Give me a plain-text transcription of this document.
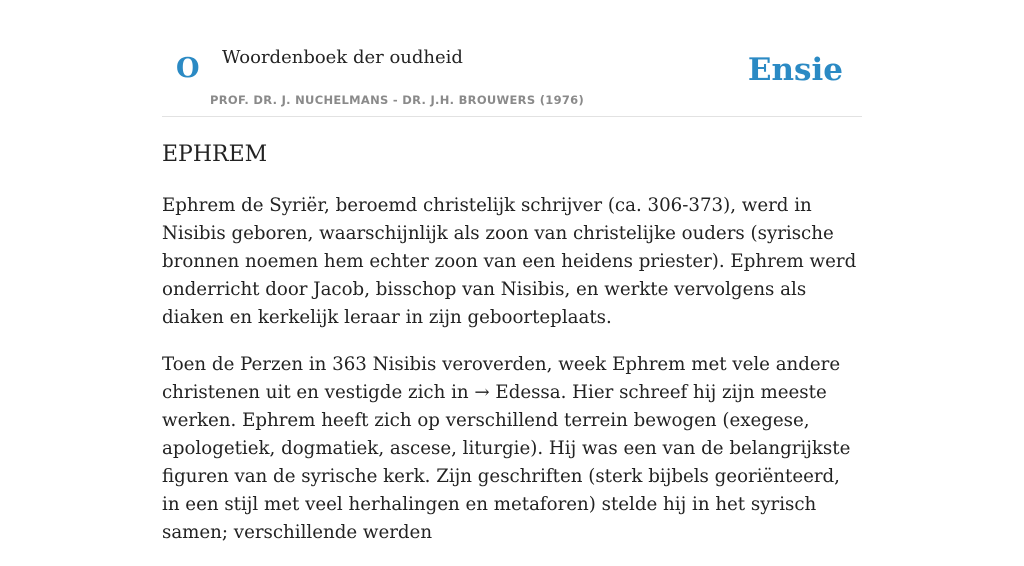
O Woordenboek der oudheid
PROF. DR. J. NUCHELMANS - DR. J.H. BROUWERS (1976)
Ensie
EPHREM

Ephrem de Syriër, beroemd christelijk schrijver (ca. 306-373), werd in Nisibis geboren, waarschijnlijk als zoon van christelijke ouders (syrische bronnen noemen hem echter zoon van een heidens priester). Ephrem werd onderricht door Jacob, bisschop van Nisibis, en werkte vervolgens als diaken en kerkelijk leraar in zijn geboorteplaats.

Toen de Perzen in 363 Nisibis veroverden, week Ephrem met vele andere christenen uit en vestigde zich in → Edessa. Hier schreef hij zijn meeste werken. Ephrem heeft zich op verschillend terrein bewogen (exegese, apologetiek, dogmatiek, ascese, liturgie). Hij was een van de belangrijkste figuren van de syrische kerk. Zijn geschriften (sterk bijbels georiënteerd, in een stijl met veel herhalingen en metaforen) stelde hij in het syrisch samen; verschillende werden
